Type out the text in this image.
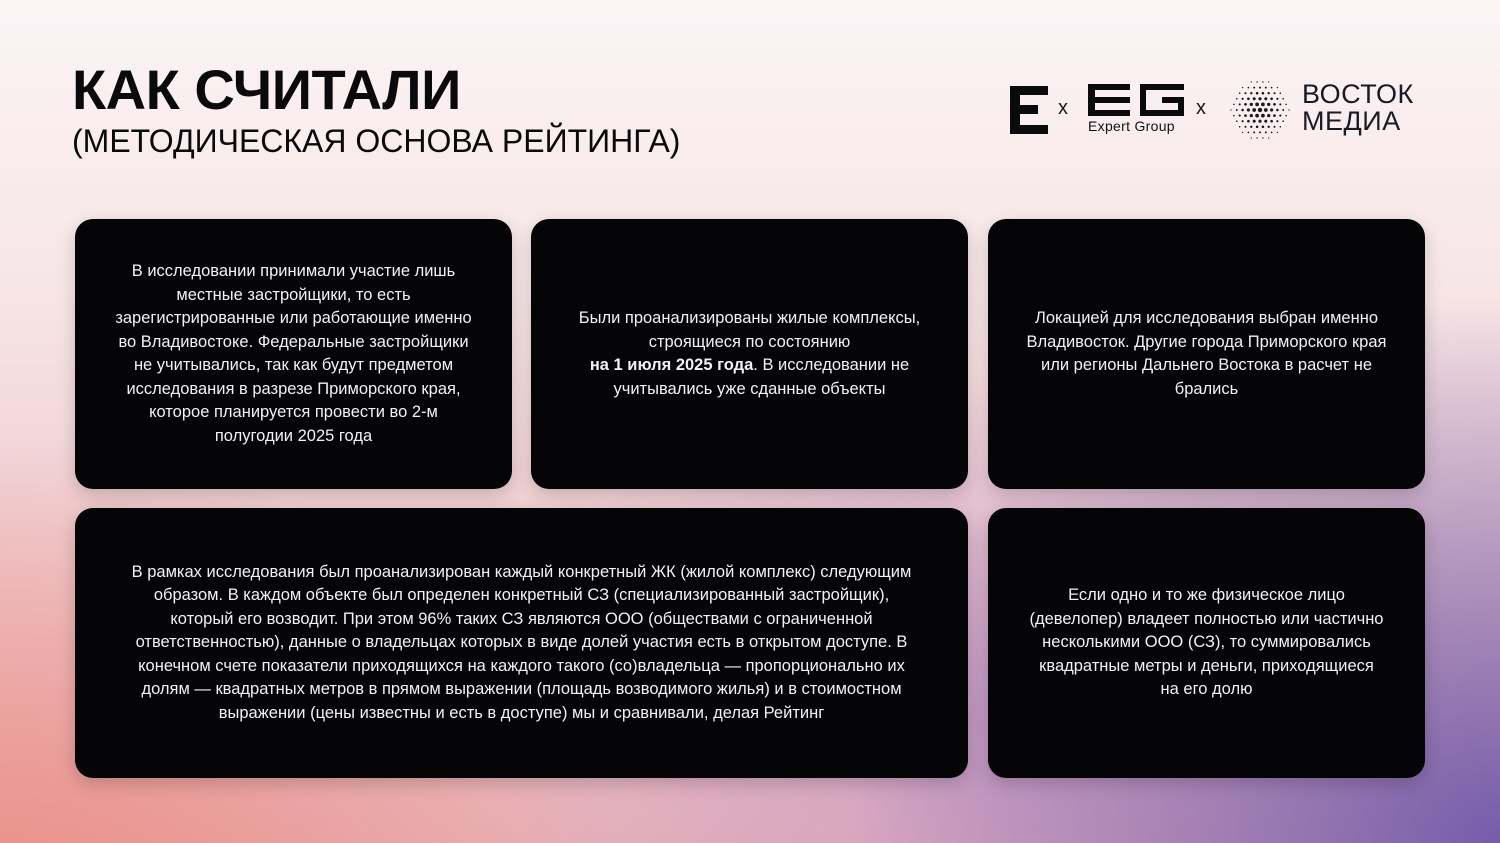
КАК СЧИТАЛИ
(МЕТОДИЧЕСКАЯ ОСНОВА РЕЙТИНГА)
x
Expert Group
x	ВОСТОК
МЕДИА

В исследовании принимали участие лишь
местные застройщики, то есть
зарегистрированные или работающие именно
во Владивостоке. Федеральные застройщики
не учитывались, так как будут предметом
исследования в разрезе Приморского края,
которое планируется провести во 2-м
полугодии 2025 года

Были проанализированы жилые комплексы,
строящиеся по состоянию
на 1 июля 2025 года. В исследовании не
учитывались уже сданные объекты

Локацией для исследования выбран именно
Владивосток. Другие города Приморского края
или регионы Дальнего Востока в расчет не
брались

В рамках исследования был проанализирован каждый конкретный ЖК (жилой комплекс) следующим
образом. В каждом объекте был определен конкретный СЗ (специализированный застройщик),
который его возводит. При этом 96% таких СЗ являются ООО (обществами с ограниченной
ответственностью), данные о владельцах которых в виде долей участия есть в открытом доступе. В
конечном счете показатели приходящихся на каждого такого (со)владельца — пропорционально их
долям — квадратных метров в прямом выражении (площадь возводимого жилья) и в стоимостном
выражении (цены известны и есть в доступе) мы и сравнивали, делая Рейтинг

Если одно и то же физическое лицо
(девелопер) владеет полностью или частично
несколькими ООО (СЗ), то суммировались
квадратные метры и деньги, приходящиеся
на его долю
